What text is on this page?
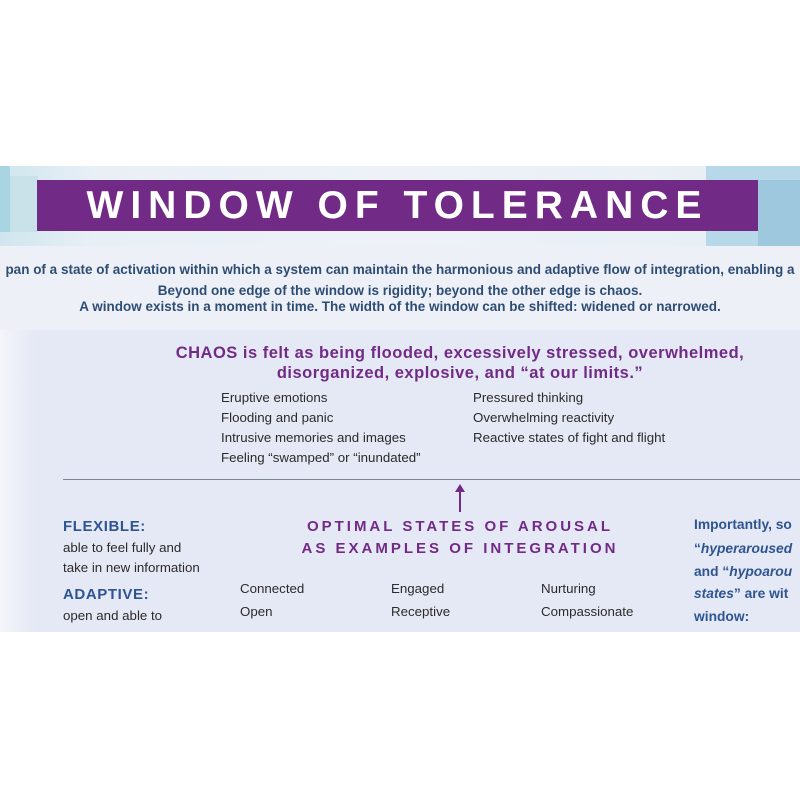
WINDOW OF TOLERANCE
pan of a state of activation within which a system can maintain the harmonious and adaptive flow of integration, enabling a
Beyond one edge of the window is rigidity; beyond the other edge is chaos.
A window exists in a moment in time. The width of the window can be shifted: widened or narrowed.
CHAOS is felt as being flooded, excessively stressed, overwhelmed,
disorganized, explosive, and “at our limits.”
Eruptive emotions
Flooding and panic
Intrusive memories and images
Feeling “swamped” or “inundated”
Pressured thinking
Overwhelming reactivity
Reactive states of fight and flight
FLEXIBLE:
able to feel fully and
take in new information
ADAPTIVE:
open and able to
OPTIMAL STATES OF AROUSAL
AS EXAMPLES OF INTEGRATION
Connected
Open
Engaged
Receptive
Nurturing
Compassionate
Importantly, so
“hyperaroused
and “hypoarou
states” are wit
window:
